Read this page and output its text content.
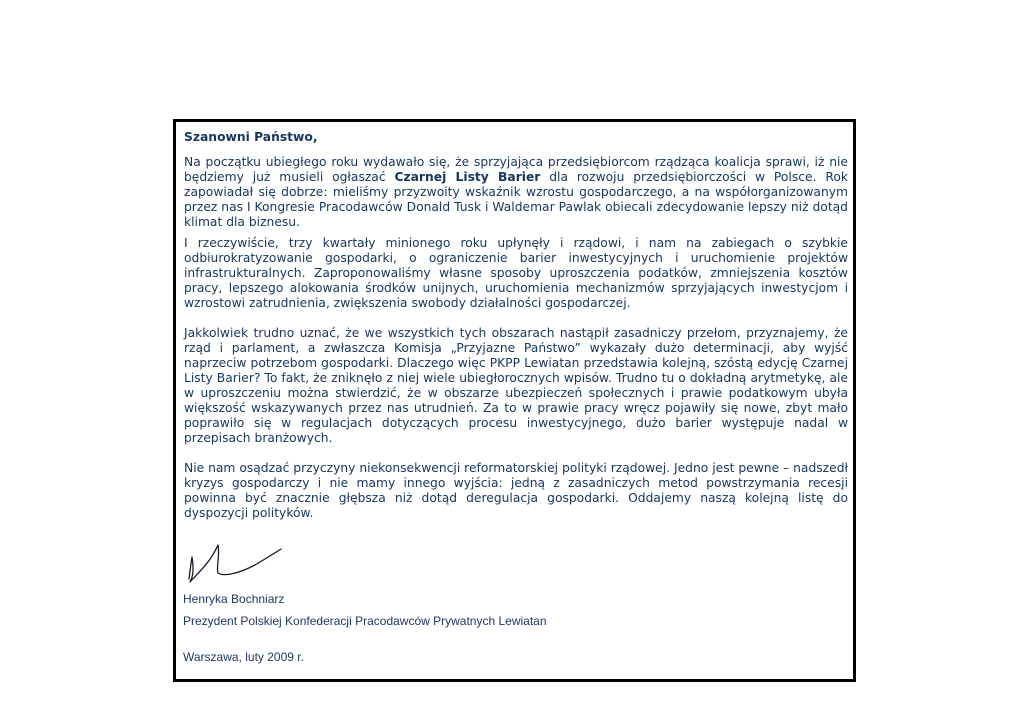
Szanowni Państwo,

Na początku ubiegłego roku wydawało się, że sprzyjająca przedsiębiorcom rządząca koalicja sprawi, iż nie będziemy już musieli ogłaszać Czarnej Listy Barier dla rozwoju przedsiębiorczości w Polsce. Rok zapowiadał się dobrze: mieliśmy przyzwoity wskaźnik wzrostu gospodarczego, a na współorganizowanym przez nas I Kongresie Pracodawców Donald Tusk i Waldemar Pawlak obiecali zdecydowanie lepszy niż dotąd klimat dla biznesu.

I rzeczywiście, trzy kwartały minionego roku upłynęły i rządowi, i nam na zabiegach o szybkie odbiurokratyzowanie gospodarki, o ograniczenie barier inwestycyjnych i uruchomienie projektów infrastrukturalnych. Zaproponowaliśmy własne sposoby uproszczenia podatków, zmniejszenia kosztów pracy, lepszego alokowania środków unijnych, uruchomienia mechanizmów sprzyjających inwestycjom i wzrostowi zatrudnienia, zwiększenia swobody działalności gospodarczej.

Jakkolwiek trudno uznać, że we wszystkich tych obszarach nastąpił zasadniczy przełom, przyznajemy, że rząd i parlament, a zwłaszcza Komisja „Przyjazne Państwo” wykazały dużo determinacji, aby wyjść naprzeciw potrzebom gospodarki. Dlaczego więc PKPP Lewiatan przedstawia kolejną, szóstą edycję Czarnej Listy Barier? To fakt, że zniknęło z niej wiele ubiegłorocznych wpisów. Trudno tu o dokładną arytmetykę, ale w uproszczeniu można stwierdzić, że w obszarze ubezpieczeń społecznych i prawie podatkowym ubyła większość wskazywanych przez nas utrudnień. Za to w prawie pracy wręcz pojawiły się nowe, zbyt mało poprawiło się w regulacjach dotyczących procesu inwestycyjnego, dużo barier występuje nadal w przepisach branżowych.

Nie nam osądzać przyczyny niekonsekwencji reformatorskiej polityki rządowej. Jedno jest pewne – nadszedł kryzys gospodarczy i nie mamy innego wyjścia: jedną z zasadniczych metod powstrzymania recesji powinna być znacznie głębsza niż dotąd deregulacja gospodarki. Oddajemy naszą kolejną listę do dyspozycji polityków.

Henryka Bochniarz
Prezydent Polskiej Konfederacji Pracodawców Prywatnych Lewiatan
Warszawa, luty 2009 r.
